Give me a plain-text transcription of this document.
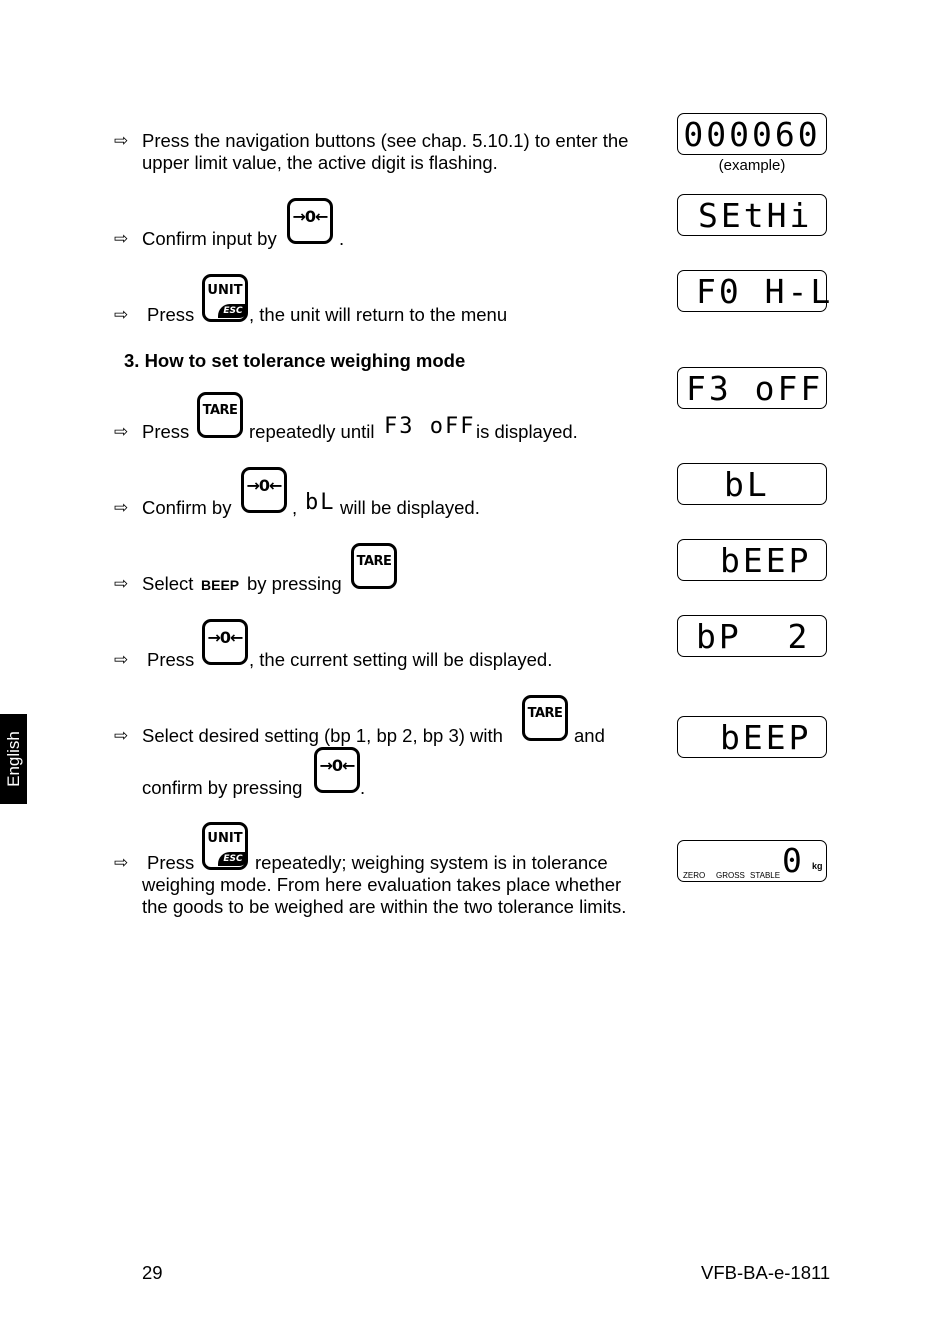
⇨ Press the navigation buttons (see chap. 5.10.1) to enter the
upper limit value, the active digit is flashing.
⇨ Confirm input by
→0←
.
⇨ Press
UNIT
ESC , the unit will return to the menu
3. How to set tolerance weighing mode
⇨ Press
TARE
repeatedly until F3 oFF is displayed.
⇨ Confirm by
→0←
, bL will be displayed.
⇨ Select BEEP by pressing
TARE
⇨ Press
→0←
, the current setting will be displayed.
⇨ Select desired setting (bp 1, bp 2, bp 3) with
TARE
and
confirm by pressing
→0←
.
⇨ Press
UNIT
ESC repeatedly; weighing system is in tolerance
weighing mode. From here evaluation takes place whether
the goods to be weighed are within the two tolerance limits.
000060
(example)
SEtHi
F0 H-L
F3 oFF
bL
bEEP
bP  2
bEEP
ZERO GROSS STABLE 0 kg
English
29	VFB-BA-e-1811
